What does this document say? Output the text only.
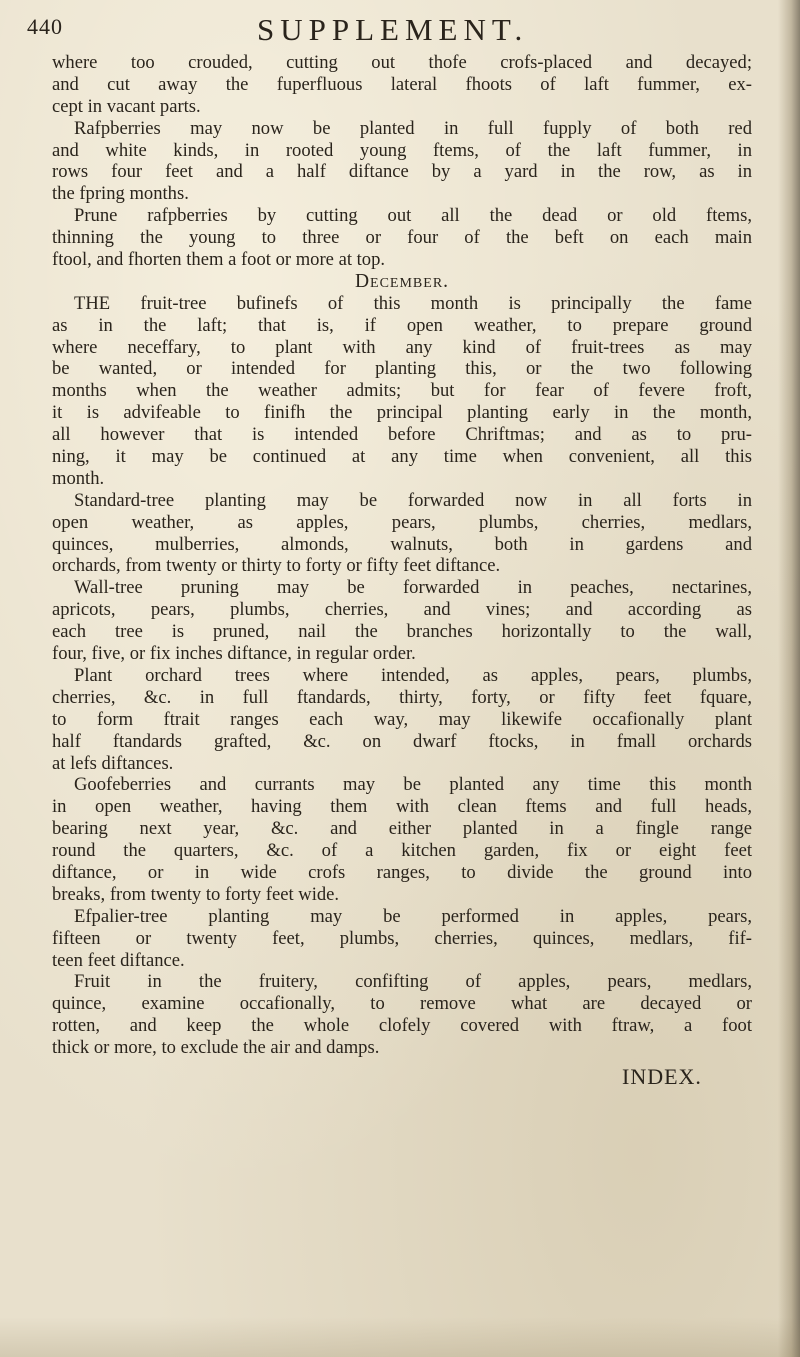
440	SUPPLEMENT.
where too crouded, cutting out thofe crofs-placed and decayed;
and cut away the fuperfluous lateral fhoots of laft fummer, ex-
cept in vacant parts.
Rafpberries may now be planted in full fupply of both red
and white kinds, in rooted young ftems, of the laft fummer, in
rows four feet and a half diftance by a yard in the row, as in
the fpring months.
Prune rafpberries by cutting out all the dead or old ftems,
thinning the young to three or four of the beft on each main
ftool, and fhorten them a foot or more at top.
December.
THE fruit-tree bufinefs of this month is principally the fame
as in the laft; that is, if open weather, to prepare ground
where neceffary, to plant with any kind of fruit-trees as may
be wanted, or intended for planting this, or the two following
months when the weather admits; but for fear of fevere froft,
it is advifeable to finifh the principal planting early in the month,
all however that is intended before Chriftmas; and as to pru-
ning, it may be continued at any time when convenient, all this
month.
Standard-tree planting may be forwarded now in all forts in
open weather, as apples, pears, plumbs, cherries, medlars,
quinces, mulberries, almonds, walnuts, both in gardens and
orchards, from twenty or thirty to forty or fifty feet diftance.
Wall-tree pruning may be forwarded in peaches, nectarines,
apricots, pears, plumbs, cherries, and vines; and according as
each tree is pruned, nail the branches horizontally to the wall,
four, five, or fix inches diftance, in regular order.
Plant orchard trees where intended, as apples, pears, plumbs,
cherries, &c. in full ftandards, thirty, forty, or fifty feet fquare,
to form ftrait ranges each way, may likewife occafionally plant
half ftandards grafted, &c. on dwarf ftocks, in fmall orchards
at lefs diftances.
Goofeberries and currants may be planted any time this month
in open weather, having them with clean ftems and full heads,
bearing next year, &c. and either planted in a fingle range
round the quarters, &c. of a kitchen garden, fix or eight feet
diftance, or in wide crofs ranges, to divide the ground into
breaks, from twenty to forty feet wide.
Efpalier-tree planting may be performed in apples, pears,
fifteen or twenty feet, plumbs, cherries, quinces, medlars, fif-
teen feet diftance.
Fruit in the fruitery, confifting of apples, pears, medlars,
quince, examine occafionally, to remove what are decayed or
rotten, and keep the whole clofely covered with ftraw, a foot
thick or more, to exclude the air and damps.
INDEX.
